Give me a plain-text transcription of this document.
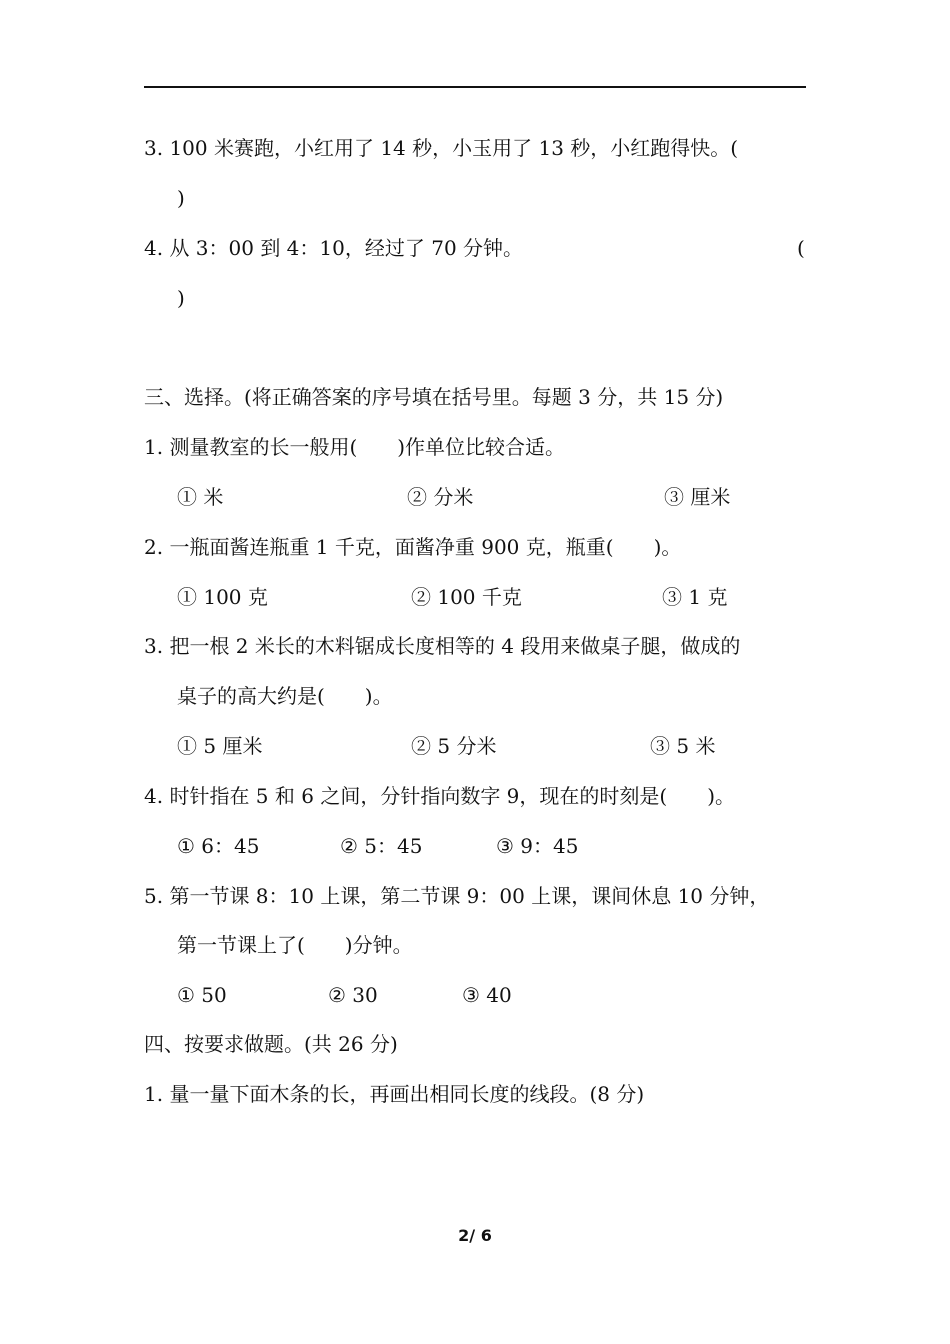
3. 100 米赛跑，小红用了 14 秒，小玉用了 13 秒，小红跑得快。(
)
4. 从 3：00 到 4：10，经过了 70 分钟。	(
)
三、选择。(将正确答案的序号填在括号里。每题 3 分，共 15 分)
1. 测量教室的长一般用(　　)作单位比较合适。
① 米	② 分米	③ 厘米
2. 一瓶面酱连瓶重 1 千克，面酱净重 900 克，瓶重(　　)。
① 100 克	② 100 千克	③ 1 克
3. 把一根 2 米长的木料锯成长度相等的 4 段用来做桌子腿，做成的
桌子的高大约是(　　)。
① 5 厘米	② 5 分米	③ 5 米
4. 时针指在 5 和 6 之间，分针指向数字 9，现在的时刻是(　　)。
① 6：45	② 5：45	③ 9：45
5. 第一节课 8：10 上课，第二节课 9：00 上课，课间休息 10 分钟，
第一节课上了(　　)分钟。
① 50	② 30	③ 40
四、按要求做题。(共 26 分)
1. 量一量下面木条的长，再画出相同长度的线段。(8 分)
2/ 6
